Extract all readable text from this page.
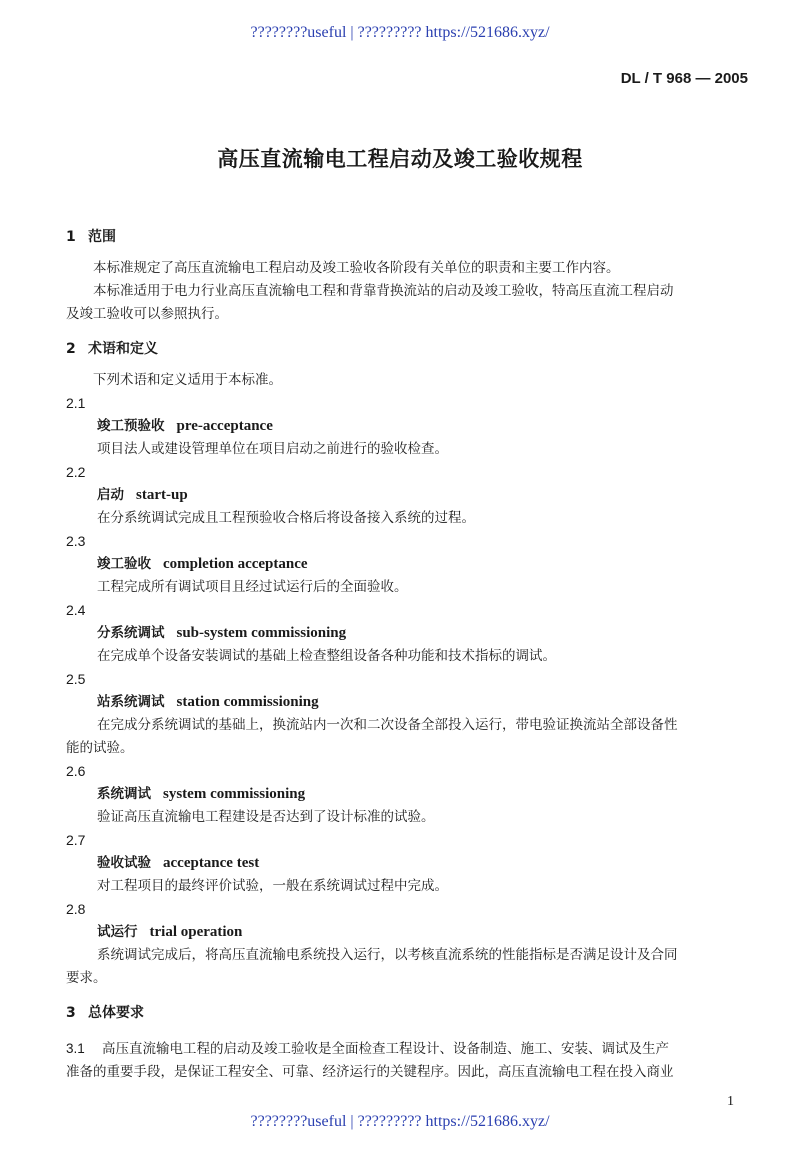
????????useful | ????????? https://521686.xyz/
DL / T 968 — 2005
高压直流输电工程启动及竣工验收规程

1 范围

本标准规定了高压直流输电工程启动及竣工验收各阶段有关单位的职责和主要工作内容。

本标准适用于电力行业高压直流输电工程和背靠背换流站的启动及竣工验收，特高压直流工程启动

及竣工验收可以参照执行。

2 术语和定义

下列术语和定义适用于本标准。

2.1

竣工预验收 pre-acceptance

项目法人或建设管理单位在项目启动之前进行的验收检查。

2.2

启动 start-up

在分系统调试完成且工程预验收合格后将设备接入系统的过程。

2.3

竣工验收 completion acceptance

工程完成所有调试项目且经过试运行后的全面验收。

2.4

分系统调试 sub-system commissioning

在完成单个设备安装调试的基础上检查整组设备各种功能和技术指标的调试。

2.5

站系统调试 station commissioning

在完成分系统调试的基础上，换流站内一次和二次设备全部投入运行，带电验证换流站全部设备性

能的试验。

2.6

系统调试 system commissioning

验证高压直流输电工程建设是否达到了设计标准的试验。

2.7

验收试验 acceptance test

对工程项目的最终评价试验，一般在系统调试过程中完成。

2.8

试运行 trial operation

系统调试完成后，将高压直流输电系统投入运行，以考核直流系统的性能指标是否满足设计及合同

要求。

3 总体要求

3.1 高压直流输电工程的启动及竣工验收是全面检查工程设计、设备制造、施工、安装、调试及生产

准备的重要手段，是保证工程安全、可靠、经济运行的关键程序。因此，高压直流输电工程在投入商业

1
????????useful | ????????? https://521686.xyz/
